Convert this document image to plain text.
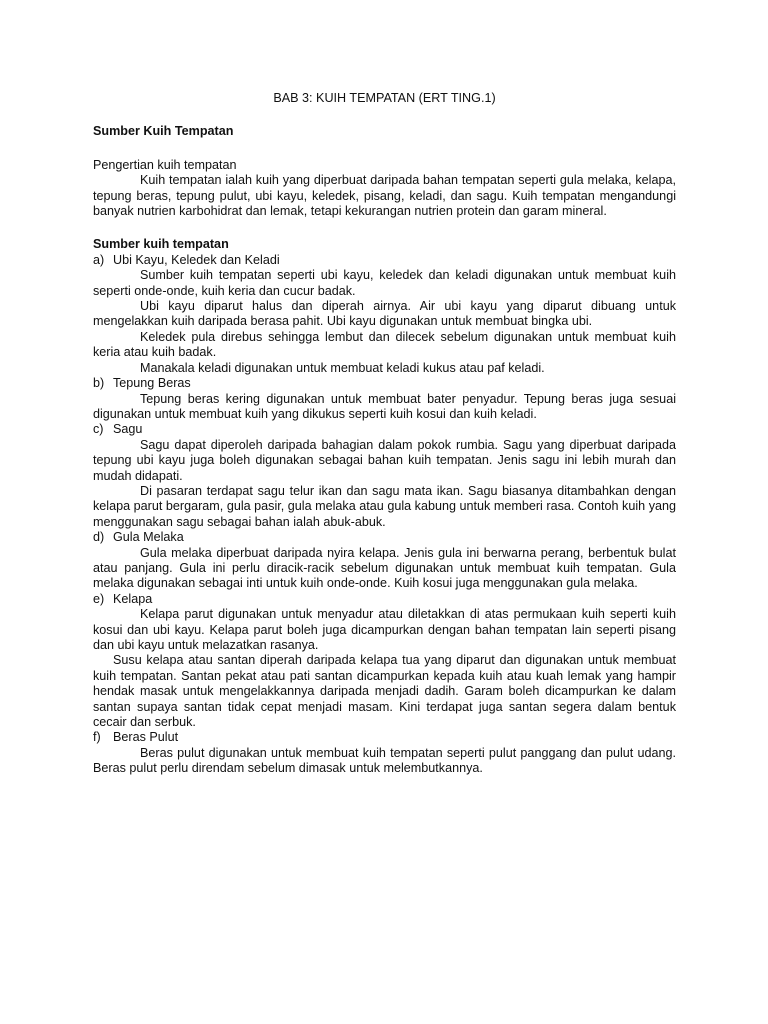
BAB 3: KUIH TEMPATAN (ERT TING.1)

Sumber Kuih Tempatan

Pengertian kuih tempatan

Kuih tempatan ialah kuih yang diperbuat daripada bahan tempatan seperti gula melaka, kelapa, tepung beras, tepung pulut, ubi kayu, keledek, pisang, keladi, dan sagu. Kuih tempatan mengandungi banyak nutrien karbohidrat dan lemak, tetapi kekurangan nutrien protein dan garam mineral.

Sumber kuih tempatan

a) Ubi Kayu, Keledek dan Keladi

Sumber kuih tempatan seperti ubi kayu, keledek dan keladi digunakan untuk membuat kuih seperti onde-onde, kuih keria dan cucur badak.

Ubi kayu diparut halus dan diperah airnya. Air ubi kayu yang diparut dibuang untuk mengelakkan kuih daripada berasa pahit. Ubi kayu digunakan untuk membuat bingka ubi.

Keledek pula direbus sehingga lembut dan dilecek sebelum digunakan untuk membuat kuih keria atau kuih badak.

Manakala keladi digunakan untuk membuat keladi kukus atau paf keladi.

b) Tepung Beras

Tepung beras kering digunakan untuk membuat bater penyadur. Tepung beras juga sesuai digunakan untuk membuat kuih yang dikukus seperti kuih kosui dan kuih keladi.

c) Sagu

Sagu dapat diperoleh daripada bahagian dalam pokok rumbia. Sagu yang diperbuat daripada tepung ubi kayu juga boleh digunakan sebagai bahan kuih tempatan. Jenis sagu ini lebih murah dan mudah didapati.

Di pasaran terdapat sagu telur ikan dan sagu mata ikan. Sagu biasanya ditambahkan dengan kelapa parut bergaram, gula pasir, gula melaka atau gula kabung untuk memberi rasa. Contoh kuih yang menggunakan sagu sebagai bahan ialah abuk-abuk.

d) Gula Melaka

Gula melaka diperbuat daripada nyira kelapa. Jenis gula ini berwarna perang, berbentuk bulat atau panjang. Gula ini perlu diracik-racik sebelum digunakan untuk membuat kuih tempatan. Gula melaka digunakan sebagai inti untuk kuih onde-onde. Kuih kosui juga menggunakan gula melaka.

e) Kelapa

Kelapa parut digunakan untuk menyadur atau diletakkan di atas permukaan kuih seperti kuih kosui dan ubi kayu. Kelapa parut boleh juga dicampurkan dengan bahan tempatan lain seperti pisang dan ubi kayu untuk melazatkan rasanya.

Susu kelapa atau santan diperah daripada kelapa tua yang diparut dan digunakan untuk membuat kuih tempatan. Santan pekat atau pati santan dicampurkan kepada kuih atau kuah lemak yang hampir hendak masak untuk mengelakkannya daripada menjadi dadih. Garam boleh dicampurkan ke dalam santan supaya santan tidak cepat menjadi masam. Kini terdapat juga santan segera dalam bentuk cecair dan serbuk.

f) Beras Pulut

Beras pulut digunakan untuk membuat kuih tempatan seperti pulut panggang dan pulut udang. Beras pulut perlu direndam sebelum dimasak untuk melembutkannya.
